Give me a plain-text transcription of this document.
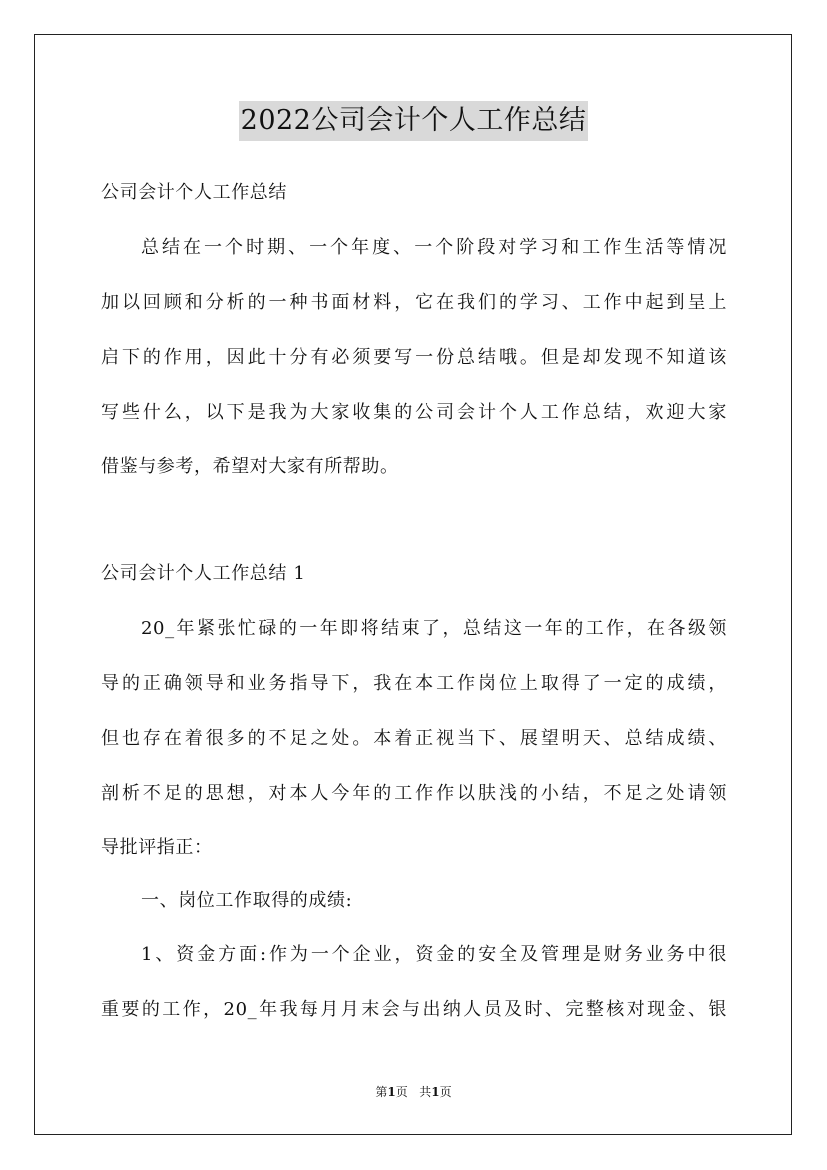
2022公司会计个人工作总结
公司会计个人工作总结
总结在一个时期、一个年度、一个阶段对学习和工作生活等情况
加以回顾和分析的一种书面材料，它在我们的学习、工作中起到呈上
启下的作用，因此十分有必须要写一份总结哦。但是却发现不知道该
写些什么，以下是我为大家收集的公司会计个人工作总结，欢迎大家
借鉴与参考，希望对大家有所帮助。
公司会计个人工作总结 1
20_年紧张忙碌的一年即将结束了，总结这一年的工作，在各级领
导的正确领导和业务指导下，我在本工作岗位上取得了一定的成绩，
但也存在着很多的不足之处。本着正视当下、展望明天、总结成绩、
剖析不足的思想，对本人今年的工作作以肤浅的小结，不足之处请领
导批评指正：
一、岗位工作取得的成绩:
1、资金方面:作为一个企业，资金的安全及管理是财务业务中很
重要的工作，20_年我每月月末会与出纳人员及时、完整核对现金、银
第1页 共1页
